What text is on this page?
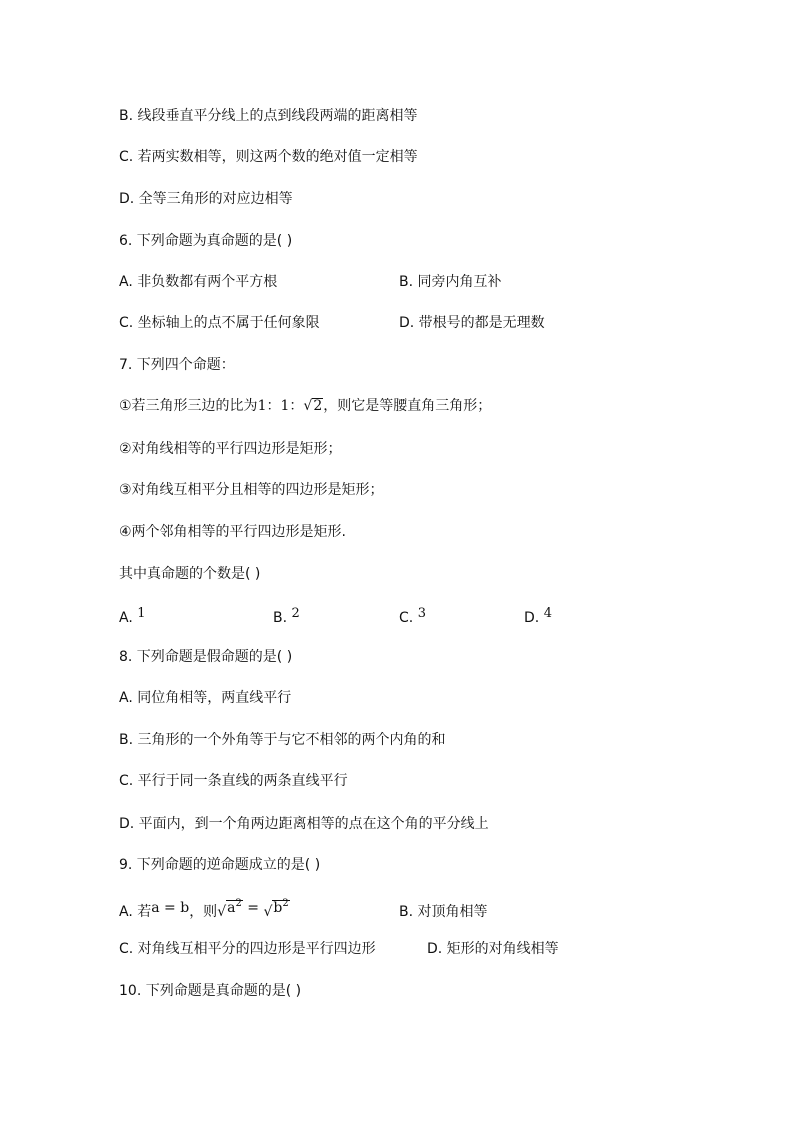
B. 线段垂直平分线上的点到线段两端的距离相等
C. 若两实数相等，则这两个数的绝对值一定相等
D. 全等三角形的对应边相等
6. 下列命题为真命题的是( )
A. 非负数都有两个平方根	B. 同旁内角互补
C. 坐标轴上的点不属于任何象限	D. 带根号的都是无理数
7. 下列四个命题：
①若三角形三边的比为1：1：√2，则它是等腰直角三角形；
②对角线相等的平行四边形是矩形；
③对角线互相平分且相等的四边形是矩形；
④两个邻角相等的平行四边形是矩形.
其中真命题的个数是( )
A. 1	B. 2	C. 3	D. 4
8. 下列命题是假命题的是( )
A. 同位角相等，两直线平行
B. 三角形的一个外角等于与它不相邻的两个内角的和
C. 平行于同一条直线的两条直线平行
D. 平面内，到一个角两边距离相等的点在这个角的平分线上
9. 下列命题的逆命题成立的是( )
A. 若a = b，则$√a^2 = √b^2$
B. 对顶角相等
C. 对角线互相平分的四边形是平行四边形	D. 矩形的对角线相等
10. 下列命题是真命题的是( )
